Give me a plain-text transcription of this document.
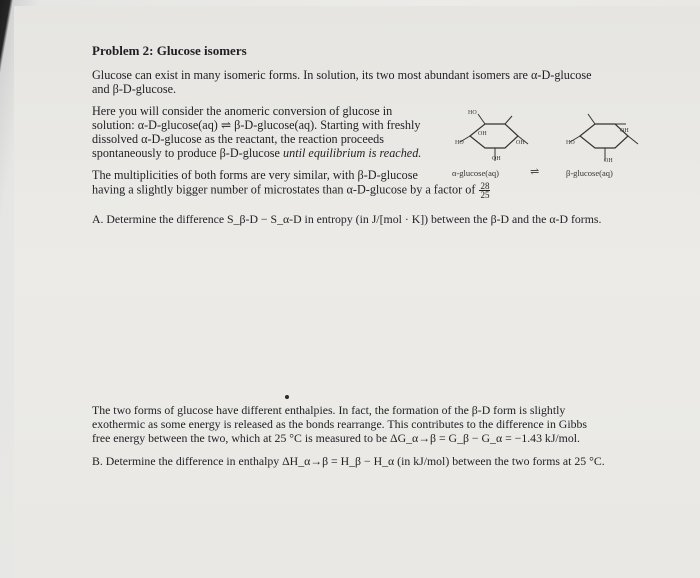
Problem 2: Glucose isomers
Glucose can exist in many isomeric forms. In solution, its two most abundant isomers are α-D-glucose
and β-D-glucose.
Here you will consider the anomeric conversion of glucose in
solution: α-D-glucose(aq) ⇌ β-D-glucose(aq). Starting with freshly
dissolved α-D-glucose as the reactant, the reaction proceeds
spontaneously to produce β-D-glucose until equilibrium is reached.
The multiplicities of both forms are very similar, with β-D-glucose
having a slightly bigger number of microstates than α-D-glucose by a factor of $\frac{28}{25}$
A. Determine the difference S_β-D − S_α-D in entropy (in J/[mol · K]) between the β-D and the α-D forms.
HO
OH
HO	OH
OH
OH
OH
HO
α-glucose(aq)	⇌	β-glucose(aq)
The two forms of glucose have different enthalpies. In fact, the formation of the β-D form is slightly
exothermic as some energy is released as the bonds rearrange. This contributes to the difference in Gibbs
free energy between the two, which at 25 °C is measured to be ΔG_α→β = G_β − G_α = −1.43 kJ/mol.
B. Determine the difference in enthalpy ΔH_α→β = H_β − H_α (in kJ/mol) between the two forms at 25 °C.
